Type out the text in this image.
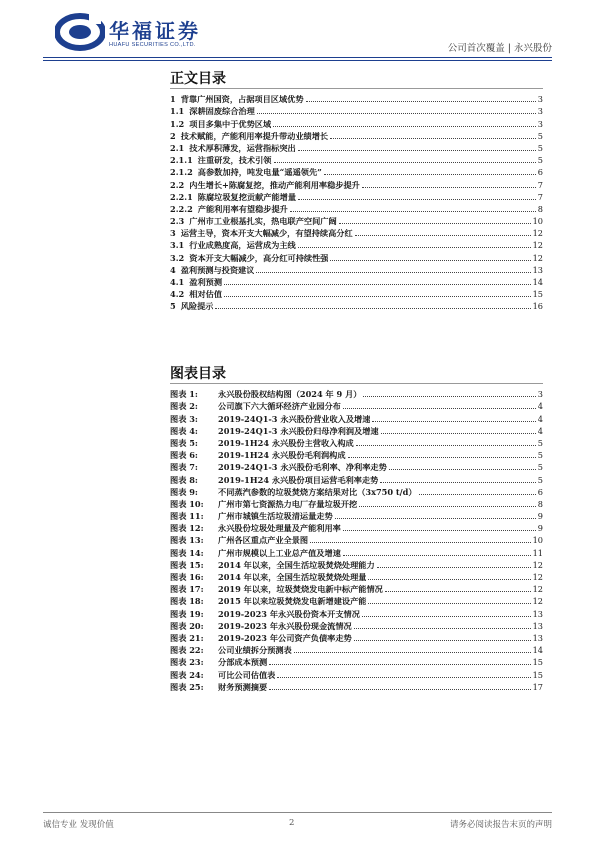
华福证券
HUAFU SECURITIES CO.,LTD.	公司首次覆盖 | 永兴股份
正文目录
1 背靠广州国资，占据项目区域优势	3
1.1 深耕固废综合治理	3
1.2 项目多集中于优势区域	3
2 技术赋能，产能利用率提升带动业绩增长	5
2.1 技术厚积薄发，运营指标突出	5
2.1.1 注重研发，技术引领	5
2.1.2 高参数加持，吨发电量“遥遥领先”	6
2.2 内生增长+陈腐复挖，推动产能利用率稳步提升	7
2.2.1 陈腐垃圾复挖贡献产能增量	7
2.2.2 产能利用率有望稳步提升	8
2.3 广州市工业根基扎实，热电联产空间广阔	10
3 运营主导，资本开支大幅减少，有望持续高分红	12
3.1 行业成熟度高，运营成为主线	12
3.2 资本开支大幅减少，高分红可持续性强	12
4 盈利预测与投资建议	13
4.1 盈利预测	14
4.2 相对估值	15
5 风险提示	16
图表目录
图表 1:	永兴股份股权结构图（2024 年 9 月）	3
图表 2:	公司旗下六大循环经济产业园分布	4
图表 3:	2019-24Q1-3 永兴股份营业收入及增速	4
图表 4:	2019-24Q1-3 永兴股份归母净利润及增速	4
图表 5:	2019-1H24 永兴股份主营收入构成	5
图表 6:	2019-1H24 永兴股份毛利润构成	5
图表 7:	2019-24Q1-3 永兴股份毛利率、净利率走势	5
图表 8:	2019-1H24 永兴股份项目运营毛利率走势	5
图表 9:	不同蒸汽参数的垃圾焚烧方案结果对比（3x750 t/d）	6
图表 10:	广州市第七资源热力电厂存量垃圾开挖	8
图表 11:	广州市城镇生活垃圾清运量走势	9
图表 12:	永兴股份垃圾处理量及产能利用率	9
图表 13:	广州各区重点产业全景图	10
图表 14:	广州市规模以上工业总产值及增速	11
图表 15:	2014 年以来，全国生活垃圾焚烧处理能力	12
图表 16:	2014 年以来，全国生活垃圾焚烧处理量	12
图表 17:	2019 年以来，垃圾焚烧发电新中标产能情况	12
图表 18:	2015 年以来垃圾焚烧发电新增建设产能	12
图表 19:	2019-2023 年永兴股份资本开支情况	13
图表 20:	2019-2023 年永兴股份现金流情况	13
图表 21:	2019-2023 年公司资产负债率走势	13
图表 22:	公司业绩拆分预测表	14
图表 23:	分部成本预测	15
图表 24:	可比公司估值表	15
图表 25:	财务预测摘要	17
诚信专业 发现价值	2	请务必阅读报告末页的声明
